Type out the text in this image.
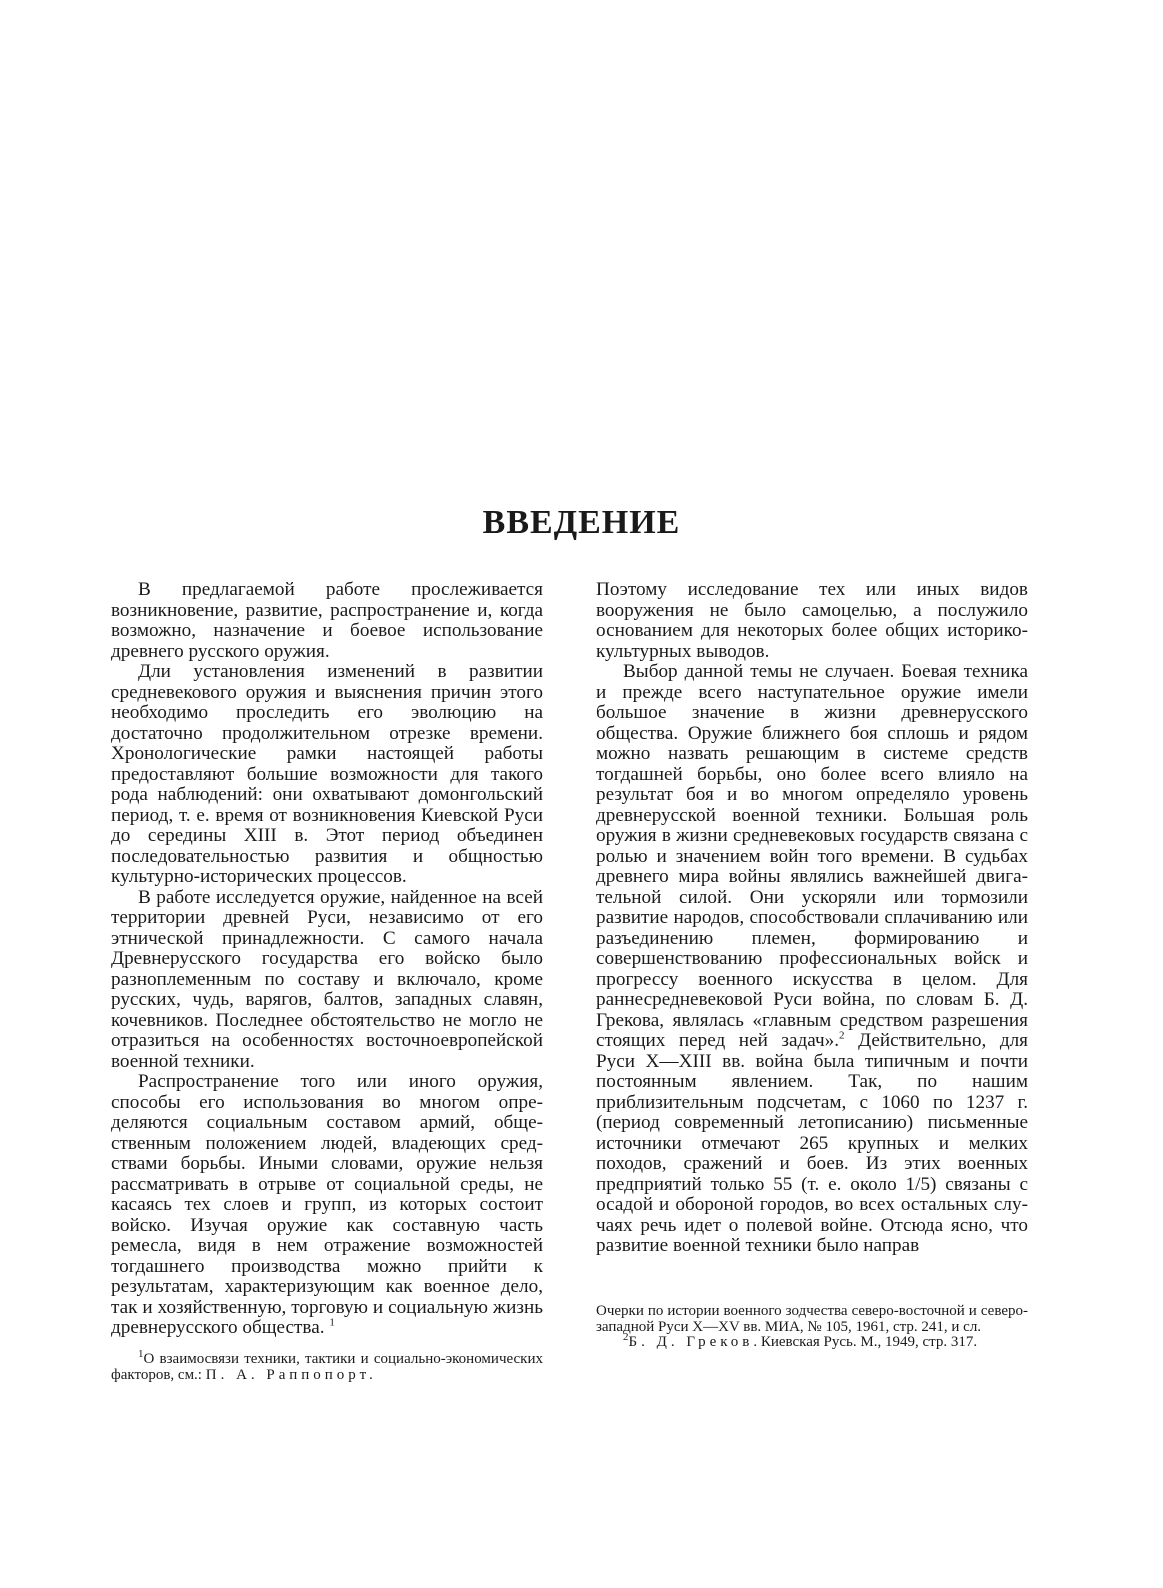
ВВЕДЕНИЕ

В предлагаемой работе прослеживается возникновение, развитие, распространение и, когда возможно, назначение и боевое использование древнего русского оружия.

Дли установления изменений в развитии средневекового оружия и выяснения причин этого необходимо проследить его эволюцию на достаточно продолжительном отрезке времени. Хронологические рамки настоящей работы предоставляют большие возможности для такого рода наблюдений: они охватывают домонгольский период, т. е. время от возникновения Киевской Руси до середины XIII в. Этот период объединен последовательностью развития и общностью культурно-исторических процессов.

В работе исследуется оружие, найденное на всей территории древней Руси, независимо от его этнической принадлежности. С самого начала Древнерусского государства его войско было разноплеменным по составу и включало, кроме русских, чудь, варягов, балтов, западных славян, кочевников. Последнее обстоятельство не могло не отразиться на особенностях восточноевропейской военной техники.

Распространение того или иного оружия, способы его использования во многом определяются социальным составом армий, общественным положением людей, владеющих средствами борьбы. Иными словами, оружие нельзя рассматривать в отрыве от социальной среды, не касаясь тех слоев и групп, из которых состоит войско. Изучая оружие как составную часть ремесла, видя в нем отражение возможностей тогдашнего производства можно прийти к результатам, характеризующим как военное дело, так и хозяйственную, торговую и социальную жизнь древнерусского общества. $^1$

Поэтому исследование тех или иных видов вооружения не было самоцелью, а послужило основанием для некоторых более общих историко-культурных выводов.

Выбор данной темы не случаен. Боевая техника и прежде всего наступательное оружие имели большое значение в жизни древнерусского общества. Оружие ближнего боя сплошь и рядом можно назвать решающим в системе средств тогдашней борьбы, оно более всего влияло на результат боя и во многом определяло уровень древнерусской военной техники. Большая роль оружия в жизни средневековых государств связана с ролью и значением войн того времени. В судьбах древнего мира войны являлись важнейшей двигательной силой. Они ускоряли или тормозили развитие народов, способствовали сплачиванию или разъединению племен, формированию и совершенствованию профессиональных войск и прогрессу военного искусства в целом. Для раннесредневековой Руси война, по словам Б. Д. Грекова, являлась «главным средством разрешения стоящих перед ней задач».$^2$ Действительно, для Руси X—XIII вв. война была типичным и почти постоянным явлением. Так, по нашим приблизительным подсчетам, с 1060 по 1237 г. (период современный летописанию) письменные источники отмечают 265 крупных и мелких походов, сражений и боев. Из этих военных предприятий только 55 (т. е. около 1/5) связаны с осадой и обороной городов, во всех остальных случаях речь идет о полевой войне. Отсюда ясно, что развитие военной техники было направ

$^1$О взаимосвязи техники, тактики и социально-экономических факторов, см.: П. А. Раппопорт.

Очерки по истории военного зодчества северо-восточной и северо-западной Руси X—XV вв. МИА, № 105, 1961, стр. 241, и сл.

$^2$Б. Д. Греков. Киевская Русь. М., 1949, стр. 317.
